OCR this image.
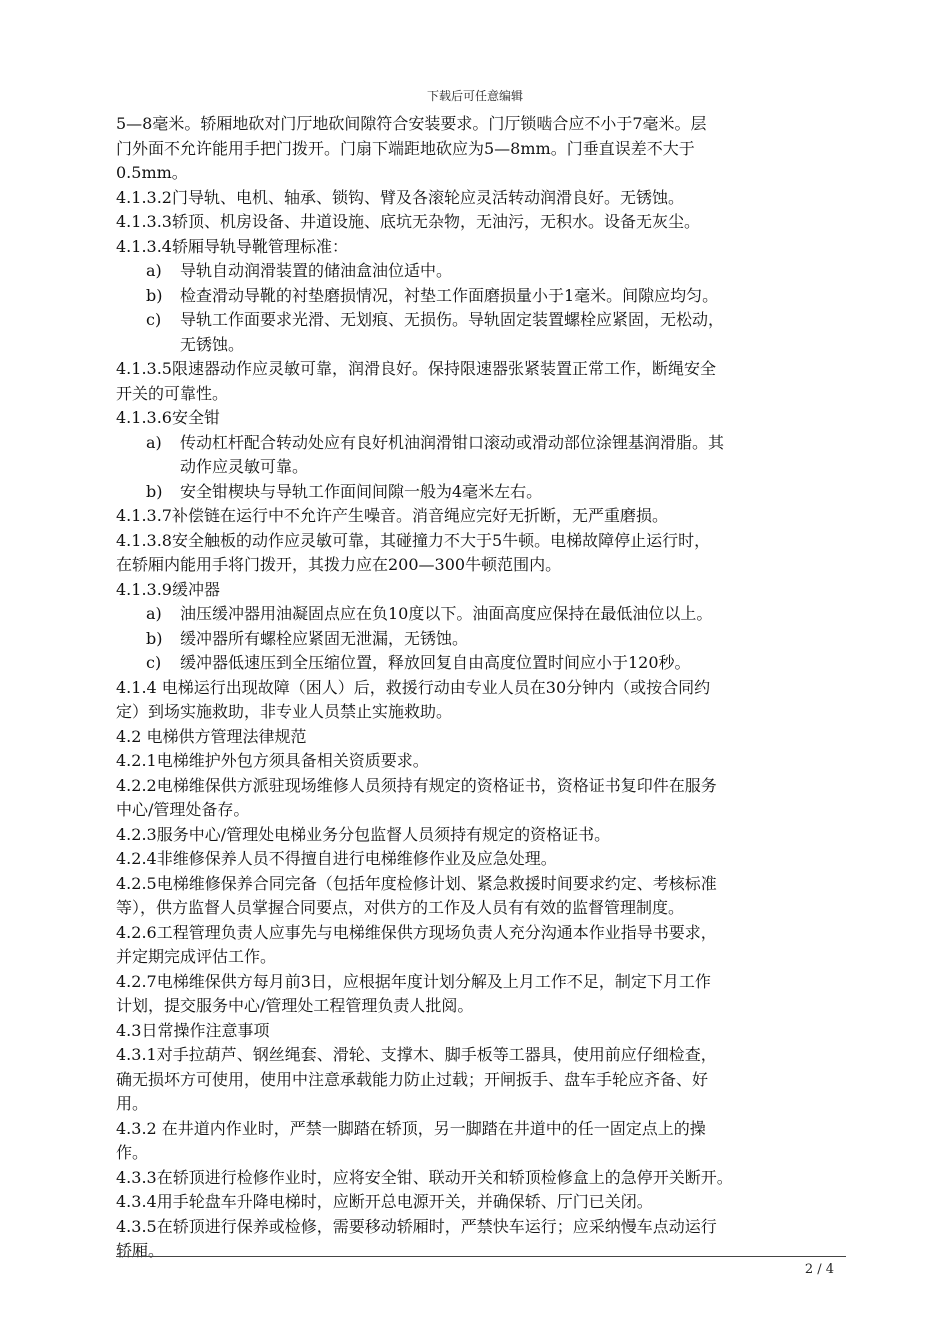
下载后可任意编辑
5—8毫米。轿厢地砍对门厅地砍间隙符合安装要求。门厅锁啮合应不小于7毫米。层
门外面不允许能用手把门拨开。门扇下端距地砍应为5—8mm。门垂直误差不大于
0.5mm。
4.1.3.2门导轨、电机、轴承、锁钩、臂及各滚轮应灵活转动润滑良好。无锈蚀。
4.1.3.3轿顶、机房设备、井道设施、底坑无杂物，无油污，无积水。设备无灰尘。
4.1.3.4轿厢导轨导靴管理标准：
a) 导轨自动润滑装置的储油盒油位适中。
b) 检查滑动导靴的衬垫磨损情况，衬垫工作面磨损量小于1毫米。间隙应均匀。
c) 导轨工作面要求光滑、无划痕、无损伤。导轨固定装置螺栓应紧固，无松动，
无锈蚀。
4.1.3.5限速器动作应灵敏可靠，润滑良好。保持限速器张紧装置正常工作，断绳安全
开关的可靠性。
4.1.3.6安全钳
a) 传动杠杆配合转动处应有良好机油润滑钳口滚动或滑动部位涂锂基润滑脂。其
动作应灵敏可靠。
b) 安全钳楔块与导轨工作面间间隙一般为4毫米左右。
4.1.3.7补偿链在运行中不允许产生噪音。消音绳应完好无折断，无严重磨损。
4.1.3.8安全触板的动作应灵敏可靠，其碰撞力不大于5牛顿。电梯故障停止运行时，
在轿厢内能用手将门拨开，其拨力应在200—300牛顿范围内。
4.1.3.9缓冲器
a) 油压缓冲器用油凝固点应在负10度以下。油面高度应保持在最低油位以上。
b) 缓冲器所有螺栓应紧固无泄漏，无锈蚀。
c) 缓冲器低速压到全压缩位置，释放回复自由高度位置时间应小于120秒。
4.1.4 电梯运行出现故障（困人）后，救援行动由专业人员在30分钟内（或按合同约
定）到场实施救助，非专业人员禁止实施救助。
4.2 电梯供方管理法律规范
4.2.1电梯维护外包方须具备相关资质要求。
4.2.2电梯维保供方派驻现场维修人员须持有规定的资格证书，资格证书复印件在服务
中心/管理处备存。
4.2.3服务中心/管理处电梯业务分包监督人员须持有规定的资格证书。
4.2.4非维修保养人员不得擅自进行电梯维修作业及应急处理。
4.2.5电梯维修保养合同完备（包括年度检修计划、紧急救援时间要求约定、考核标准
等），供方监督人员掌握合同要点，对供方的工作及人员有有效的监督管理制度。
4.2.6工程管理负责人应事先与电梯维保供方现场负责人充分沟通本作业指导书要求，
并定期完成评估工作。
4.2.7电梯维保供方每月前3日，应根据年度计划分解及上月工作不足，制定下月工作
计划，提交服务中心/管理处工程管理负责人批阅。
4.3日常操作注意事项
4.3.1对手拉葫芦、钢丝绳套、滑轮、支撑木、脚手板等工器具，使用前应仔细检查，
确无损坏方可使用，使用中注意承载能力防止过载；开闸扳手、盘车手轮应齐备、好
用。
4.3.2 在井道内作业时，严禁一脚踏在轿顶，另一脚踏在井道中的任一固定点上的操
作。
4.3.3在轿顶进行检修作业时，应将安全钳、联动开关和轿顶检修盒上的急停开关断开。
4.3.4用手轮盘车升降电梯时，应断开总电源开关，并确保轿、厅门已关闭。
4.3.5在轿顶进行保养或检修，需要移动轿厢时，严禁快车运行；应采纳慢车点动运行
轿厢。
2 / 4
